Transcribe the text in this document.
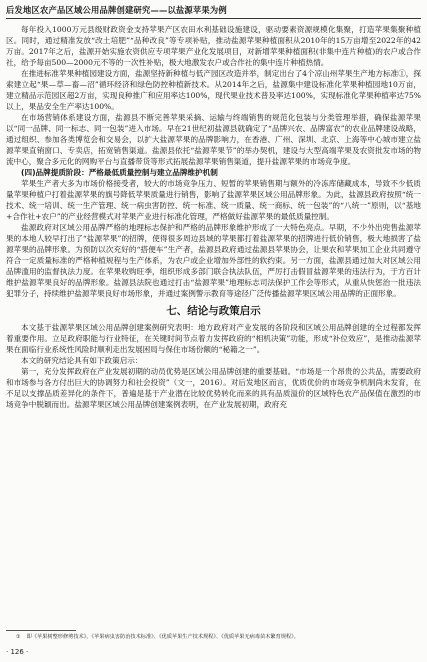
后发地区农产品区域公用品牌创建研究——以盐源苹果为例

每年投入1000万元县级财政资金支持苹果产区农田水利基础设施建设，驱动要素资源规模化集聚，打造苹果集聚种植区。同时，通过精准发放“改土培肥”“品种改良”等专项补贴，推动盐源苹果种植面积从2010年的15万亩增至2022年的42万亩。2017年之后，盐源开始实施农资供应专项苹果产业化发展项目，对新增苹果种植面积(非集中连片种植)的农户或合作社，给予每亩500—2000元不等的一次性补贴，极大地激发农户或合作社的集中连片种植热情。

在推进标准苹果种植园建设方面，盐源坚持新种植与低产园区改造并举，制定出台了4个凉山州苹果生产地方标准①，探索建立起“果—草—畜—沼”循环经济和绿色防控种植新技术。从2014年之后，盐源集中建设标准化苹果种植园地10万亩，建立精品示范园区超2万亩，实现良种推广和应用率达100%，现代果业技术普及率达100%，实现标准化苹果种植率达75%以上，果品安全生产率达100%。

在市场营销体系建设方面，盐源县不断完善苹果采摘、运输与终端销售的规范化包装与分类管理举措，确保盐源苹果以“同一品牌、同一标志、同一包装”进入市场。早在21世纪初盐源县就确定了“品牌兴农、品牌富农”的农业品牌建设战略，通过组织、参加各类博览会和交易会，以扩大盐源苹果的品牌影响力，在香港、广州、深圳、北京、上海等中心城市建立盐源苹果直销窗口、专卖店，拓宽销售渠道。盐源县依托“盐源苹果节”的举办契机，建设与大型高端苹果及农资批发市场的物流中心，聚合多元化的网购平台与直播带货等形式拓展盐源苹果销售渠道，提升盐源苹果的市场竞争度。

(四)品牌提质阶段：严格最低质量控制与建立品牌维护机制

苹果生产者大多为市场价格接受者，较大的市场竞争压力、短暂的苹果销售期与额外的冷冻库储藏成本，导致不少低质量苹果种植户打着盐源苹果的旗号降低苹果质量进行销售，影响了盐源苹果区域公用品牌形象。为此，盐源县政府按照“统一技术、统一培训、统一生产管理、统一病虫害防控、统一标准、统一质量、统一商标、统一包装”的“八统一”原则，以“基地+合作社+农户”的产业经营模式对苹果产业进行标准化管理，严格做好盐源苹果的最低质量控制。

盐源政府对区域公用品牌严格的地理标志保护和严格的品牌形象维护形成了一大特色亮点。早期，不少外出兜售盐源苹果的本地人较早打出了“盐源苹果”的招牌，使得很多周边县域的苹果都打着盐源苹果的招牌进行低价销售，极大地损害了盐源苹果的品牌形象。为预防以次充好的“搭便车”生产者，盐源县政府通过盐源县苹果协会，让果农和苹果加工企业共同遵守符合一定质量标准的严格种植规程与生产体系，为农户或企业增加外部性的软约束。另一方面，盐源县通过加大对区域公用品牌滥用的监督执法力度。在苹果收购旺季，组织形成多部门联合执法队伍，严厉打击假冒盐源苹果的违法行为，于方百计维护盐源苹果良好的品牌形象。盐源县法院也通过打击“盐源苹果”地理标志司法保护工作会等形式，从重从快惩治一批违法犯罪分子，持续维护盐源苹果良好市场形象，并通过案例警示教育等途径广泛传播盐源苹果区域公用品牌的正面形象。

七、结论与政策启示

本文基于盐源苹果区域公用品牌创建案例研究表明：地方政府对产业发展的各阶段和区域公用品牌创建的全过程都发挥着重要作用。立足政府职能与行业特征，在关键时间节点着力发挥政府的“相机决策”功能，形成“补位效应”，是推动盐源苹果在面临行业系统性风险时顺利走出发展困局与保住市场份额的“秘籍之一”。

本文的研究结论具有如下政策启示：

第一，充分发挥政府在产业发展初期的动员优势是区域公用品牌创建的重要基础。“市场是一个昂贵的公共品，需要政府和市场参与各方付出巨大的协调努力和社会投资”（文一，2016）。对后发地区而言，优质优价的市场竞争机制尚未发育，在不足以支撑品质差异化的条件下，普遍是基于产业潜在比较优势转化而来的具有品质溢价的区域特色农产品保值在激烈的市场竞争中脱颖而出。盐源苹果区域公用品牌创建案例表明，在产业发展初期，政府充

① 即《苹果树整形修剪技术》、《苹果病虫害防治技术标准》、《优质苹果生产技术规程》、《优质苹果无病毒苗木繁育规程》。
· 126 ·
